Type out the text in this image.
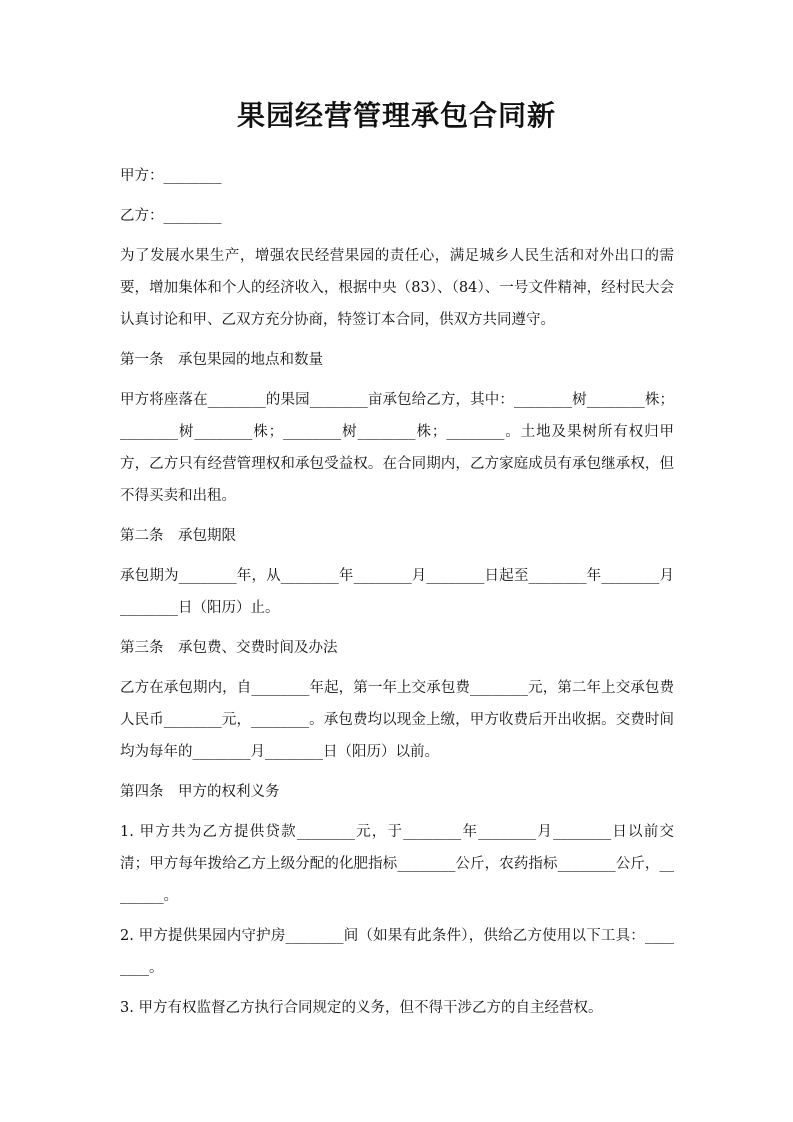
果园经营管理承包合同新

甲方：________

乙方：________

为了发展水果生产，增强农民经营果园的责任心，满足城乡人民生活和对外出口的需要，增加集体和个人的经济收入，根据中央（83）、（84）、一号文件精神，经村民大会认真讨论和甲、乙双方充分协商，特签订本合同，供双方共同遵守。

第一条　承包果园的地点和数量

甲方将座落在________的果园________亩承包给乙方，其中：________树________株；________树________株；________树________株；________。土地及果树所有权归甲方，乙方只有经营管理权和承包受益权。在合同期内，乙方家庭成员有承包继承权，但不得买卖和出租。

第二条　承包期限

承包期为________年，从________年________月________日起至________年________月________日（阳历）止。

第三条　承包费、交费时间及办法

乙方在承包期内，自________年起，第一年上交承包费________元，第二年上交承包费人民币________元，________。承包费均以现金上缴，甲方收费后开出收据。交费时间均为每年的________月________日（阳历）以前。

第四条　甲方的权利义务

1. 甲方共为乙方提供贷款________元，于________年________月________日以前交清；甲方每年拨给乙方上级分配的化肥指标________公斤，农药指标________公斤，________。

2. 甲方提供果园内守护房________间（如果有此条件），供给乙方使用以下工具：________。

3. 甲方有权监督乙方执行合同规定的义务，但不得干涉乙方的自主经营权。
